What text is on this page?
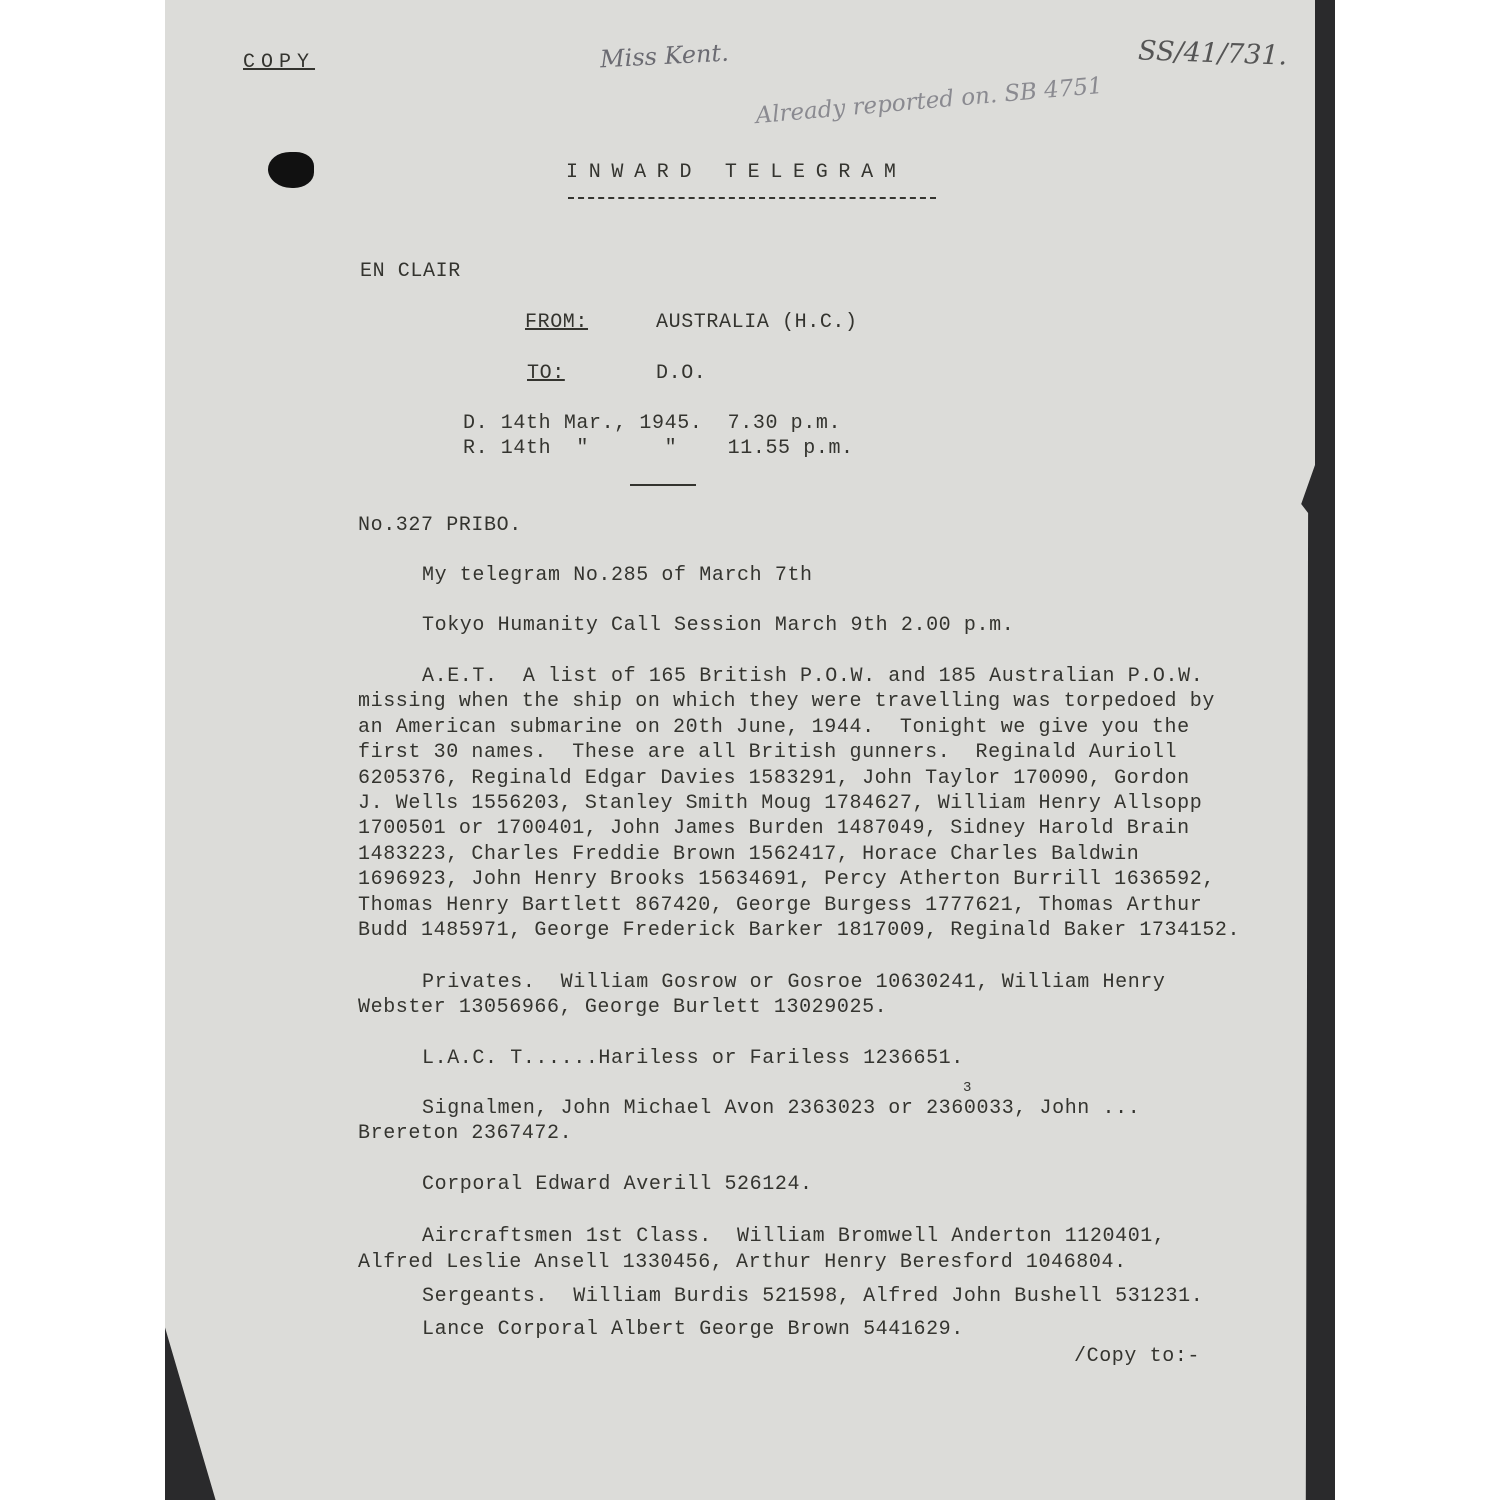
COPY	Miss Kent.	SS/41/731.
Already reported on. SB 4751
INWARD TELEGRAM
EN CLAIR
FROM:	AUSTRALIA (H.C.)
TO:	D.O.
D. 14th Mar., 1945.  7.30 p.m.
R. 14th  "      "    11.55 p.m.
No.327 PRIBO.
My telegram No.285 of March 7th
Tokyo Humanity Call Session March 9th 2.00 p.m.
A.E.T.  A list of 165 British P.O.W. and 185 Australian P.O.W.
missing when the ship on which they were travelling was torpedoed by
an American submarine on 20th June, 1944.  Tonight we give you the
first 30 names.  These are all British gunners.  Reginald Aurioll
6205376, Reginald Edgar Davies 1583291, John Taylor 170090, Gordon
J. Wells 1556203, Stanley Smith Moug 1784627, William Henry Allsopp
1700501 or 1700401, John James Burden 1487049, Sidney Harold Brain
1483223, Charles Freddie Brown 1562417, Horace Charles Baldwin
1696923, John Henry Brooks 15634691, Percy Atherton Burrill 1636592,
Thomas Henry Bartlett 867420, George Burgess 1777621, Thomas Arthur
Budd 1485971, George Frederick Barker 1817009, Reginald Baker 1734152.
Privates.  William Gosrow or Gosroe 10630241, William Henry
Webster 13056966, George Burlett 13029025.
L.A.C. T......Hariless or Fariless 1236651.
3
Signalmen, John Michael Avon 2363023 or 2360033, John ...
Brereton 2367472.
Corporal Edward Averill 526124.
Aircraftsmen 1st Class.  William Bromwell Anderton 1120401,
Alfred Leslie Ansell 1330456, Arthur Henry Beresford 1046804.
Sergeants.  William Burdis 521598, Alfred John Bushell 531231.
Lance Corporal Albert George Brown 5441629.
/Copy to:-
